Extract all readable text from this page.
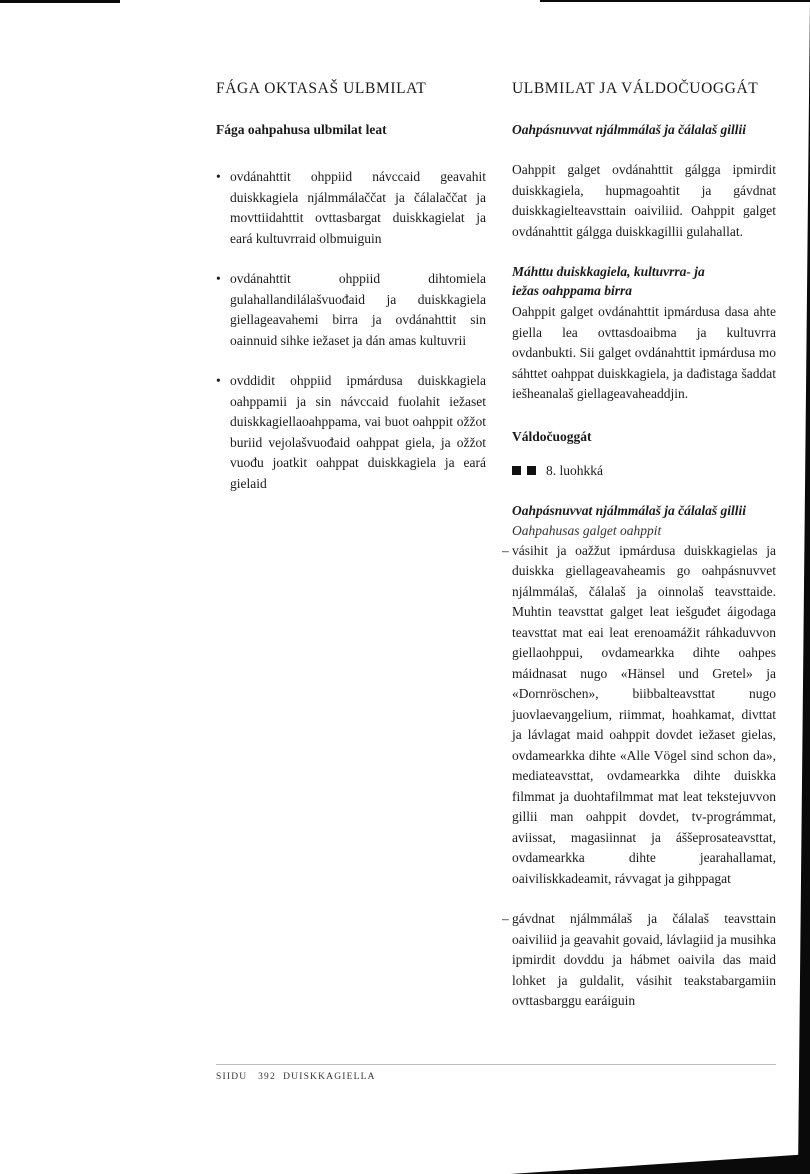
FÁGA OKTASAŠ ULBMILAT
Fága oahpahusa ulbmilat leat
• ovdánahttit ohppiid návccaid geavahit duiskkagiela njálmmálaččat ja čálalaččat ja movttiidahttit ovttasbargat duiskkagielat ja eará kultuvrraid olbmuiguin
• ovdánahttit ohppiid dihtomiela gulahallandilálašvuođaid ja duiskkagiela giellageavahemi birra ja ovdánahttit sin oainnuid sihke iežaset ja dán amas kultuvrii
• ovddidit ohppiid ipmárdusa duiskkagiela oahppamii ja sin návccaid fuolahit iežaset duiskkagiellaoahppama, vai buot oahppit ožžot buriid vejolašvuođaid oahppat giela, ja ožžot vuođu joatkit oahppat duiskkagiela ja eará gielaid
ULBMILAT JA VÁLDOČUOGGÁT
Oahpásnuvvat njálmmálaš ja čálalaš gillii

Oahppit galget ovdánahttit gálgga ipmirdit duiskkagiela, hupmagoahtit ja gávdnat duiskkagielteavsttain oaiviliid. Oahppit galget ovdánahttit gálgga duiskkagillii gulahallat.

Máhttu duiskkagiela, kultuvrra- ja iežas oahppama birra

Oahppit galget ovdánahttit ipmárdusa dasa ahte giella lea ovttasdoaibma ja kultuvrra ovdanbukti. Sii galget ovdánahttit ipmárdusa mo sáhttet oahppat duiskkagiela, ja dađistaga šaddat iešheanalaš giellageavaheaddjin.

Váldočuoggát
8. luohkká
Oahpásnuvvat njálmmálaš ja čálalaš gillii
Oahpahusas galget oahppit
– vásihit ja oažžut ipmárdusa duiskkagielas ja duiskka giellageavaheamis go oahpásnuvvet njálmmálaš, čálalaš ja oinnolaš teavsttaide. Muhtin teavsttat galget leat iešguđet áigodaga teavsttat mat eai leat erenoamážit ráhkaduvvon giellaohppui, ovdamearkka dihte oahpes máidnasat nugo «Hänsel und Gretel» ja «Dornröschen», biibbalteavsttat nugo juovlaevaŋgelium, riimmat, hoahkamat, divttat ja lávlagat maid oahppit dovdet iežaset gielas, ovdamearkka dihte «Alle Vögel sind schon da», mediateavsttat, ovdamearkka dihte duiskka filmmat ja duohtafilmmat mat leat tekstejuvvon gillii man oahppit dovdet, tv-prográmmat, aviissat, magasiinnat ja áššeprosateavsttat, ovdamearkka dihte jearahallamat, oaiviliskkadeamit, rávvagat ja gihppagat
– gávdnat njálmmálaš ja čálalaš teavsttain oaiviliid ja geavahit govaid, lávlagiid ja musihka ipmirdit dovddu ja hábmet oaivila das maid lohket ja guldalit, vásihit teakstabargamiin ovttasbarggu earáiguin
SIIDU 392 DUISKKAGIELLA
